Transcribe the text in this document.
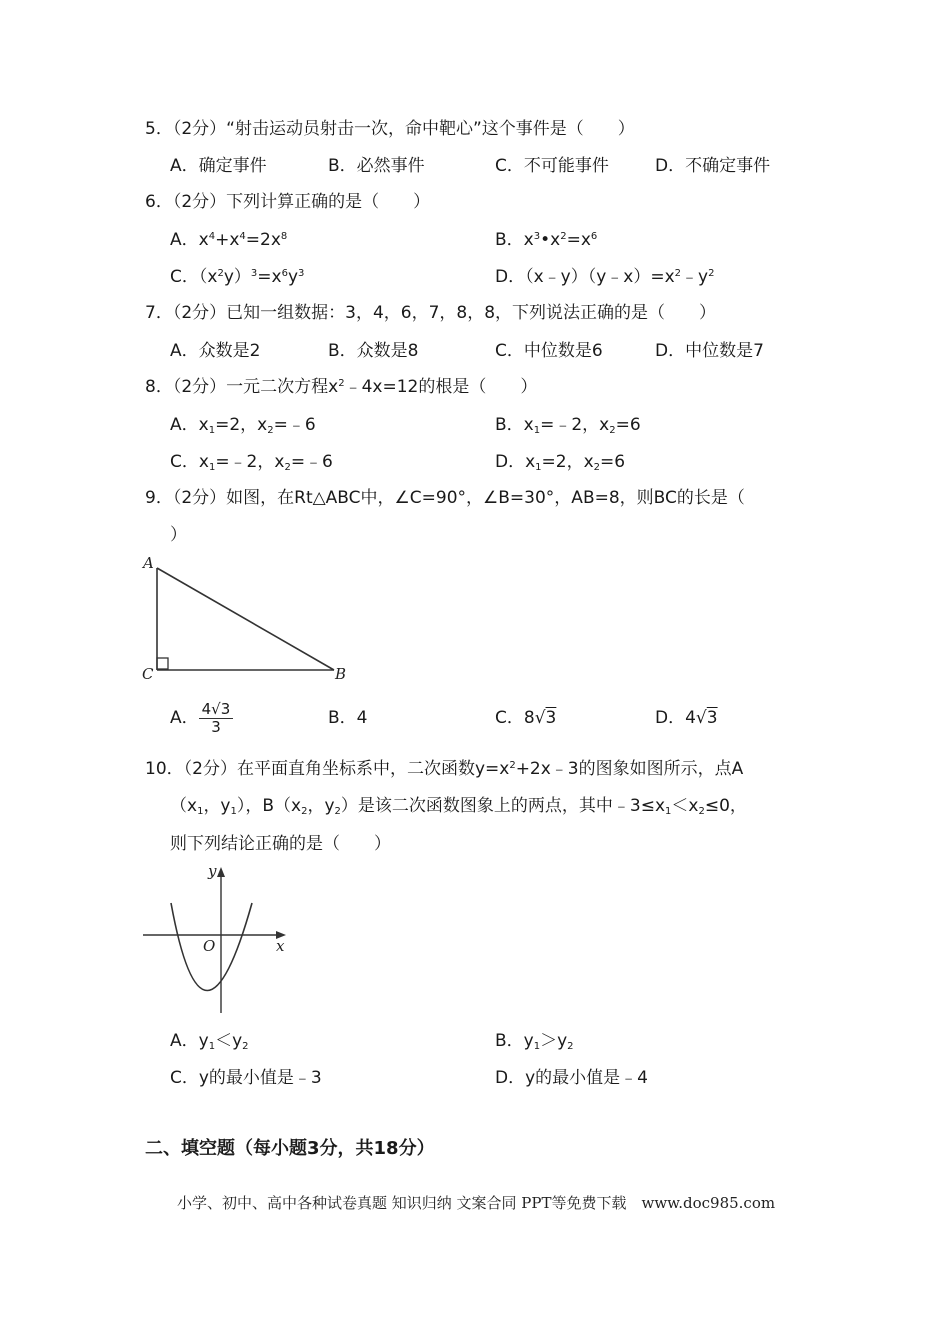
5．（2分）“射击运动员射击一次，命中靶心”这个事件是（　　）
A．确定事件	B．必然事件	C．不可能事件	D．不确定事件
6．（2分）下列计算正确的是（　　）
A．$x^4+x^4=2x^8$	B．$x^3•x^2=x^6$
C．$(x^2y)^3=x^6y^3$	D．$(x﹣y)(y﹣x)=x^2﹣y^2$
7．（2分）已知一组数据：3，4，6，7，8，8，下列说法正确的是（　　）
A．众数是2	B．众数是8	C．中位数是6	D．中位数是7
8．（2分）一元二次方程$x^2﹣4x=12$的根是（　　）
A．$x_1=2$，$x_2=﹣6$	B．$x_1=﹣2$，$x_2=6$
C．$x_1=﹣2$，$x_2=﹣6$	D．$x_1=2$，$x_2=6$
9．（2分）如图，在Rt△ABC中，∠C=90°，∠B=30°，AB=8，则BC的长是（
）
A
C	B
A． $\frac{4√3}{3}$	B．4	C．8√3	D．4√3
10．（2分）在平面直角坐标系中，二次函数$y=x^2+2x﹣3$的图象如图所示，点A
（$x_1$，$y_1$），$B(x_2$，$y_2$）是该二次函数图象上的两点，其中$﹣3\le x_1<x_2\le 0$，
则下列结论正确的是（　　）
y
x
O
A．$y_1<y_2$	B．$y_1>y_2$
C．y的最小值是﹣3	D．y的最小值是﹣4
二、填空题（每小题3分，共18分）
小学、初中、高中各种试卷真题 知识归纳 文案合同 PPT等免费下载　www.doc985.com
